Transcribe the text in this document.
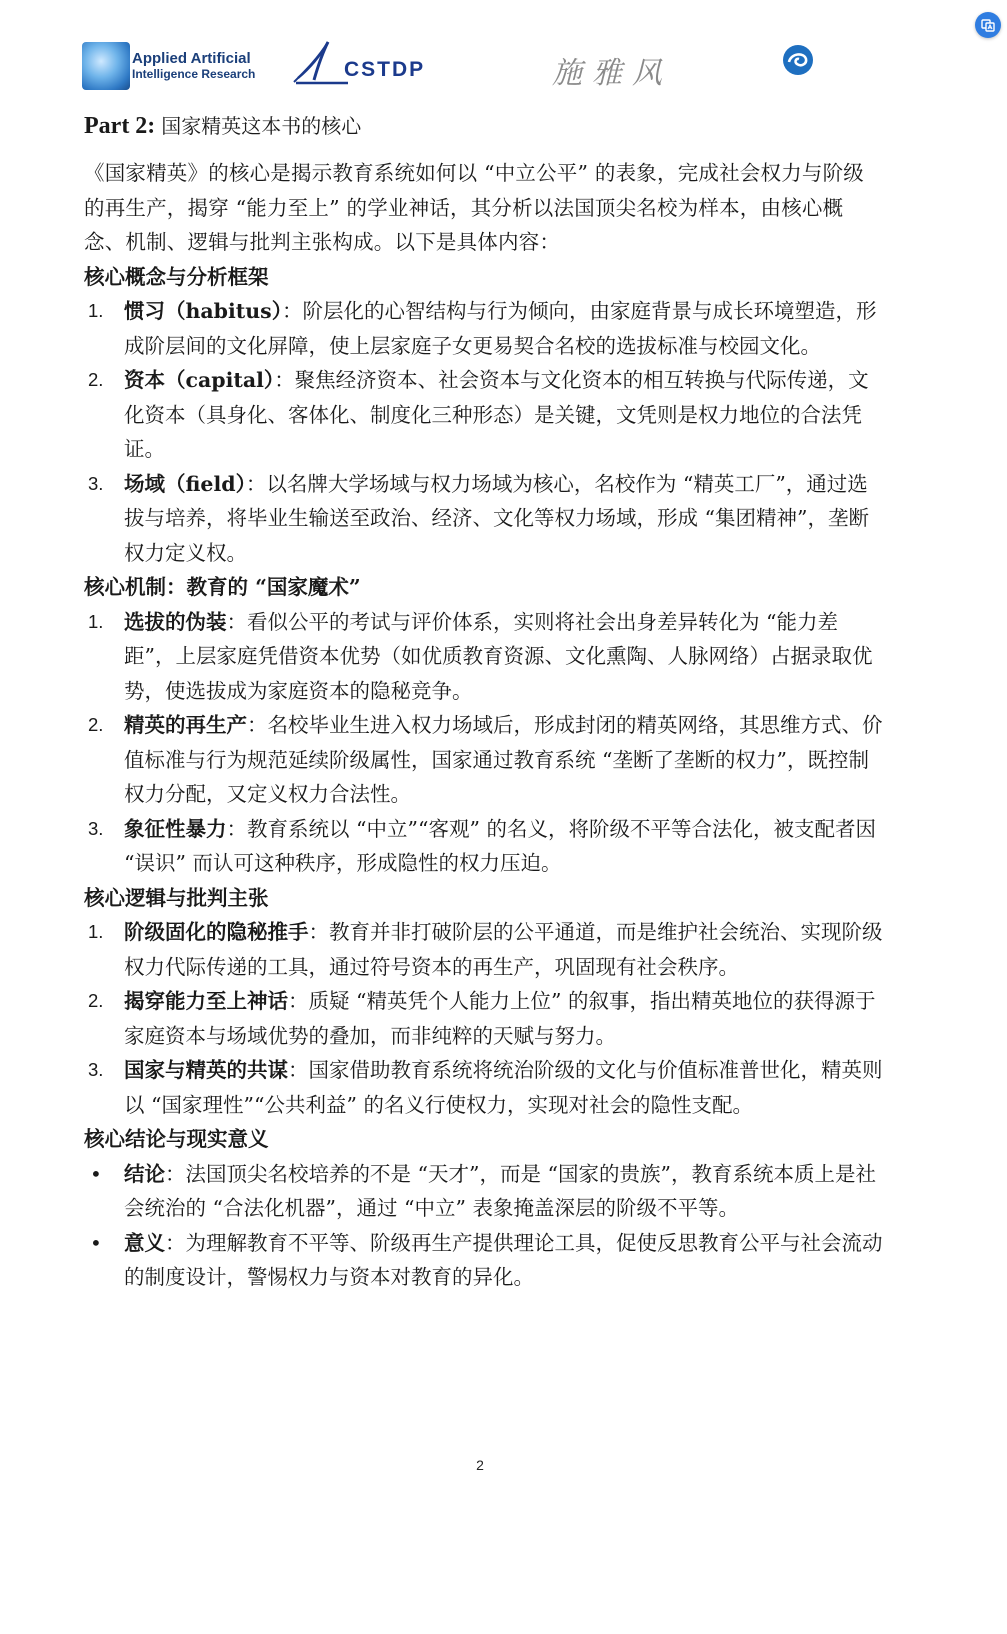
Applied Artificial
Intelligence Research	CSTDP	施雅风
Part 2: 国家精英这本书的核心

《国家精英》的核心是揭示教育系统如何以 “中立公平” 的表象，完成社会权力与阶级的再生产，揭穿 “能力至上” 的学业神话，其分析以法国顶尖名校为样本，由核心概念、机制、逻辑与批判主张构成。以下是具体内容：

核心概念与分析框架
1.	惯习（habitus）：阶层化的心智结构与行为倾向，由家庭背景与成长环境塑造，形成阶层间的文化屏障，使上层家庭子女更易契合名校的选拔标准与校园文化。
2.	资本（capital）：聚焦经济资本、社会资本与文化资本的相互转换与代际传递，文化资本（具身化、客体化、制度化三种形态）是关键，文凭则是权力地位的合法凭证。
3.	场域（field）：以名牌大学场域与权力场域为核心，名校作为 “精英工厂”，通过选拔与培养，将毕业生输送至政治、经济、文化等权力场域，形成 “集团精神”，垄断权力定义权。
核心机制：教育的 “国家魔术”
1.	选拔的伪装：看似公平的考试与评价体系，实则将社会出身差异转化为 “能力差距”，上层家庭凭借资本优势（如优质教育资源、文化熏陶、人脉网络）占据录取优势，使选拔成为家庭资本的隐秘竞争。
2.	精英的再生产：名校毕业生进入权力场域后，形成封闭的精英网络，其思维方式、价值标准与行为规范延续阶级属性，国家通过教育系统 “垄断了垄断的权力”，既控制权力分配，又定义权力合法性。
3.	象征性暴力：教育系统以 “中立”“客观” 的名义，将阶级不平等合法化，被支配者因 “误识” 而认可这种秩序，形成隐性的权力压迫。
核心逻辑与批判主张
1.	阶级固化的隐秘推手：教育并非打破阶层的公平通道，而是维护社会统治、实现阶级权力代际传递的工具，通过符号资本的再生产，巩固现有社会秩序。
2.	揭穿能力至上神话：质疑 “精英凭个人能力上位” 的叙事，指出精英地位的获得源于家庭资本与场域优势的叠加，而非纯粹的天赋与努力。
3.	国家与精英的共谋：国家借助教育系统将统治阶级的文化与价值标准普世化，精英则以 “国家理性”“公共利益” 的名义行使权力，实现对社会的隐性支配。
核心结论与现实意义
• 结论：法国顶尖名校培养的不是 “天才”，而是 “国家的贵族”，教育系统本质上是社会统治的 “合法化机器”，通过 “中立” 表象掩盖深层的阶级不平等。
• 意义：为理解教育不平等、阶级再生产提供理论工具，促使反思教育公平与社会流动的制度设计，警惕权力与资本对教育的异化。
2
